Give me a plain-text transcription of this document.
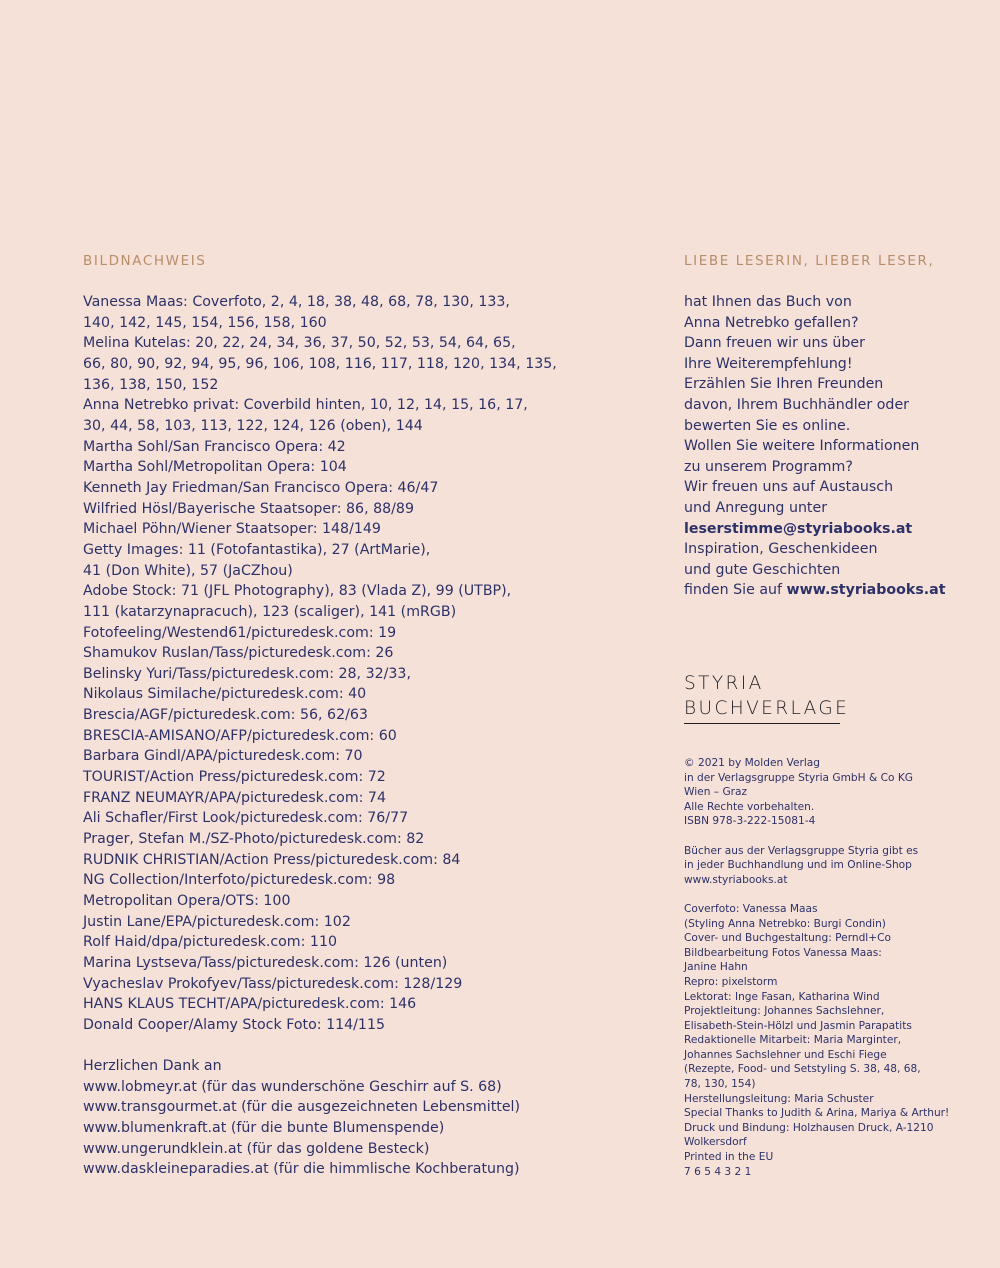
BILDNACHWEIS
Vanessa Maas: Coverfoto, 2, 4, 18, 38, 48, 68, 78, 130, 133,
140, 142, 145, 154, 156, 158, 160
Melina Kutelas: 20, 22, 24, 34, 36, 37, 50, 52, 53, 54, 64, 65,
66, 80, 90, 92, 94, 95, 96, 106, 108, 116, 117, 118, 120, 134, 135,
136, 138, 150, 152
Anna Netrebko privat: Coverbild hinten, 10, 12, 14, 15, 16, 17,
30, 44, 58, 103, 113, 122, 124, 126 (oben), 144
Martha Sohl/San Francisco Opera: 42
Martha Sohl/Metropolitan Opera: 104
Kenneth Jay Friedman/San Francisco Opera: 46/47
Wilfried Hösl/Bayerische Staatsoper: 86, 88/89
Michael Pöhn/Wiener Staatsoper: 148/149
Getty Images: 11 (Fotofantastika), 27 (ArtMarie),
41 (Don White), 57 (JaCZhou)
Adobe Stock: 71 (JFL Photography), 83 (Vlada Z), 99 (UTBP),
111 (katarzynapracuch), 123 (scaliger), 141 (mRGB)
Fotofeeling/Westend61/picturedesk.com: 19
Shamukov Ruslan/Tass/picturedesk.com: 26
Belinsky Yuri/Tass/picturedesk.com: 28, 32/33,
Nikolaus Similache/picturedesk.com: 40
Brescia/AGF/picturedesk.com: 56, 62/63
BRESCIA-AMISANO/AFP/picturedesk.com: 60
Barbara Gindl/APA/picturedesk.com: 70
TOURIST/Action Press/picturedesk.com: 72
FRANZ NEUMAYR/APA/picturedesk.com: 74
Ali Schafler/First Look/picturedesk.com: 76/77
Prager, Stefan M./SZ-Photo/picturedesk.com: 82
RUDNIK CHRISTIAN/Action Press/picturedesk.com: 84
NG Collection/Interfoto/picturedesk.com: 98
Metropolitan Opera/OTS: 100
Justin Lane/EPA/picturedesk.com: 102
Rolf Haid/dpa/picturedesk.com: 110
Marina Lystseva/Tass/picturedesk.com: 126 (unten)
Vyacheslav Prokofyev/Tass/picturedesk.com: 128/129
HANS KLAUS TECHT/APA/picturedesk.com: 146
Donald Cooper/Alamy Stock Foto: 114/115
Herzlichen Dank an
www.lobmeyr.at (für das wunderschöne Geschirr auf S. 68)
www.transgourmet.at (für die ausgezeichneten Lebensmittel)
www.blumenkraft.at (für die bunte Blumenspende)
www.ungerundklein.at (für das goldene Besteck)
www.daskleineparadies.at (für die himmlische Kochberatung)
LIEBE LESERIN, LIEBER LESER,
hat Ihnen das Buch von
Anna Netrebko gefallen?
Dann freuen wir uns über
Ihre Weiterempfehlung!
Erzählen Sie Ihren Freunden
davon, Ihrem Buchhändler oder
bewerten Sie es online.
Wollen Sie weitere Informationen
zu unserem Programm?
Wir freuen uns auf Austausch
und Anregung unter
leserstimme@styriabooks.at
Inspiration, Geschenkideen
und gute Geschichten
finden Sie auf www.styriabooks.at
STYRIA
BUCHVERLAGE
© 2021 by Molden Verlag
in der Verlagsgruppe Styria GmbH & Co KG
Wien – Graz
Alle Rechte vorbehalten.
ISBN 978-3-222-15081-4
Bücher aus der Verlagsgruppe Styria gibt es
in jeder Buchhandlung und im Online-Shop
www.styriabooks.at
Coverfoto: Vanessa Maas
(Styling Anna Netrebko: Burgi Condin)
Cover- und Buchgestaltung: Perndl+Co
Bildbearbeitung Fotos Vanessa Maas:
Janine Hahn
Repro: pixelstorm
Lektorat: Inge Fasan, Katharina Wind
Projektleitung: Johannes Sachslehner,
Elisabeth-Stein-Hölzl und Jasmin Parapatits
Redaktionelle Mitarbeit: Maria Marginter,
Johannes Sachslehner und Eschi Fiege
(Rezepte, Food- und Setstyling S. 38, 48, 68,
78, 130, 154)
Herstellungsleitung: Maria Schuster
Special Thanks to Judith & Arina, Mariya & Arthur!
Druck und Bindung: Holzhausen Druck, A-1210
Wolkersdorf
Printed in the EU
7 6 5 4 3 2 1
